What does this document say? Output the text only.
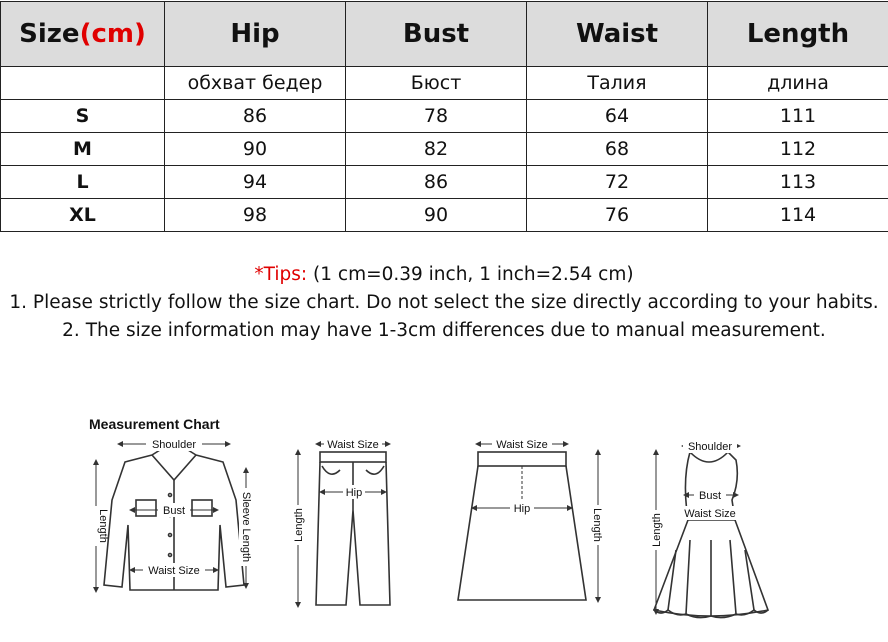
Size(cm)	Hip	Bust	Waist	Length
	обхват бедер	Бюст	Талия	длина
S	86	78	64	111
M	90	82	68	112
L	94	86	72	113
XL	98	90	76	114
*Tips: (1 cm=0.39 inch, 1 inch=2.54 cm)
1. Please strictly follow the size chart. Do not select the size directly according to your habits.
2. The size information may have 1-3cm differences due to manual measurement.
Measurement Chart
Shoulder
Bust
Waist Size
Length	Sleeve Length
Waist Size
Hip
Length
Waist Size
Hip	Length
Shoulder
Bust
Waist Size
Length
